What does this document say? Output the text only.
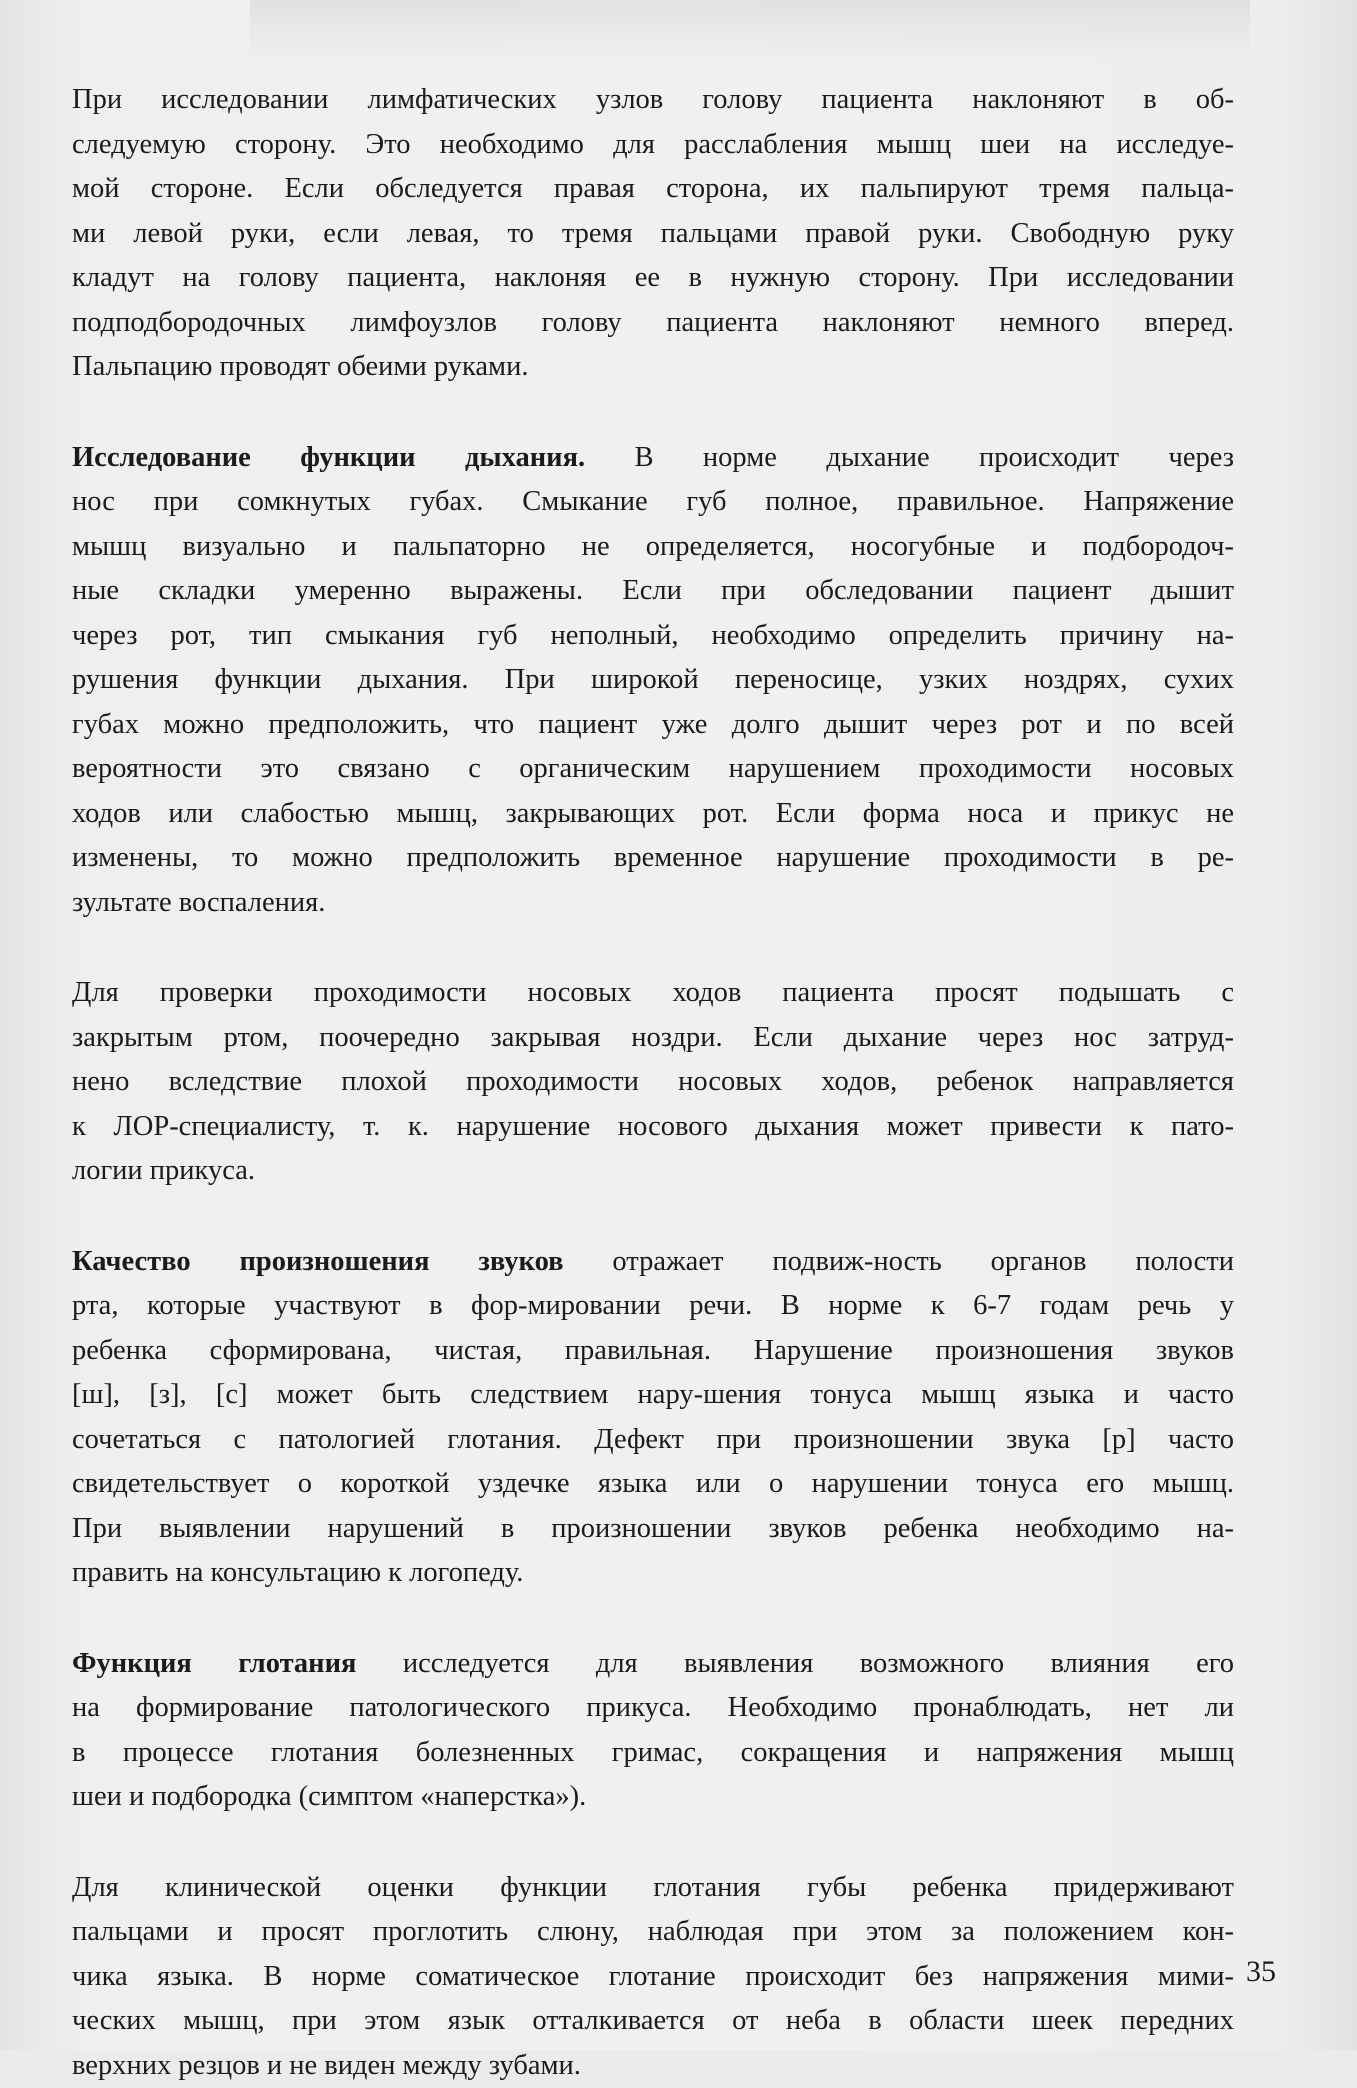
При исследовании лимфатических узлов голову пациента наклоняют в об-
следуемую сторону. Это необходимо для расслабления мышц шеи на исследуе-
мой стороне. Если обследуется правая сторона, их пальпируют тремя пальца-
ми левой руки, если левая, то тремя пальцами правой руки. Свободную руку
кладут на голову пациента, наклоняя ее в нужную сторону. При исследовании
подподбородочных лимфоузлов голову пациента наклоняют немного вперед.
Пальпацию проводят обеими руками.

Исследование функции дыхания. В норме дыхание происходит через
нос при сомкнутых губах. Смыкание губ полное, правильное. Напряжение
мышц визуально и пальпаторно не определяется, носогубные и подбородоч-
ные складки умеренно выражены. Если при обследовании пациент дышит
через рот, тип смыкания губ неполный, необходимо определить причину на-
рушения функции дыхания. При широкой переносице, узких ноздрях, сухих
губах можно предположить, что пациент уже долго дышит через рот и по всей
вероятности это связано с органическим нарушением проходимости носовых
ходов или слабостью мышц, закрывающих рот. Если форма носа и прикус не
изменены, то можно предположить временное нарушение проходимости в ре-
зультате воспаления.

Для проверки проходимости носовых ходов пациента просят подышать с
закрытым ртом, поочередно закрывая ноздри. Если дыхание через нос затруд-
нено вследствие плохой проходимости носовых ходов, ребенок направляется
к ЛОР-специалисту, т. к. нарушение носового дыхания может привести к пато-
логии прикуса.

Качество произношения звуков отражает подвиж-ность органов полости
рта, которые участвуют в фор-мировании речи. В норме к 6-7 годам речь у
ребенка сформирована, чистая, правильная. Нарушение произношения звуков
[ш], [з], [с] может быть следствием нару-шения тонуса мышц языка и часто
сочетаться с патологией глотания. Дефект при произношении звука [р] часто
свидетельствует о короткой уздечке языка или о нарушении тонуса его мышц.
При выявлении нарушений в произношении звуков ребенка необходимо на-
править на консультацию к логопеду.

Функция глотания исследуется для выявления возможного влияния его
на формирование патологического прикуса. Необходимо пронаблюдать, нет ли
в процессе глотания болезненных гримас, сокращения и напряжения мышц
шеи и подбородка (симптом «наперстка»).

Для клинической оценки функции глотания губы ребенка придерживают
пальцами и просят проглотить слюну, наблюдая при этом за положением кон-
чика языка. В норме соматическое глотание происходит без напряжения мими-
ческих мышц, при этом язык отталкивается от неба в области шеек передних
верхних резцов и не виден между зубами.

35
